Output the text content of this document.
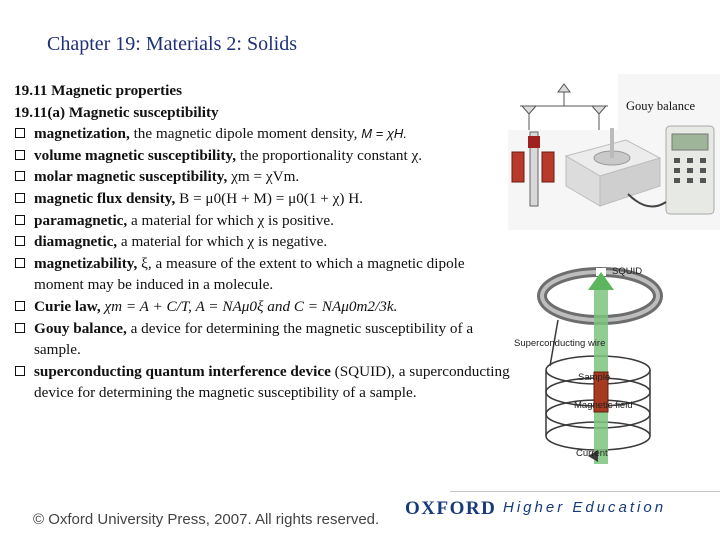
Chapter 19: Materials 2: Solids
19.11 Magnetic properties
19.11(a) Magnetic susceptibility
magnetization, the magnetic dipole moment density, M = χH.
volume magnetic susceptibility, the proportionality constant χ.
molar magnetic susceptibility, χm = χVm.
magnetic flux density, B = μ0(H + M) = μ0(1 + χ) H.
paramagnetic, a material for which χ is positive.
diamagnetic, a material for which χ is negative.
magnetizability, ξ, a measure of the extent to which a magnetic dipole moment may be induced in a molecule.
Curie law, χm = A + C/T, A = NAμ0ξ and C = NAμ0m2/3k.
Gouy balance, a device for determining the magnetic susceptibility of a sample.
superconducting quantum interference device (SQUID), a superconducting device for determining the magnetic susceptibility of a sample.
Gouy balance
SQUID
Superconducting wire
Sample
Magnetic field
Current
© Oxford University Press, 2007. All rights reserved.
OXFORD Higher Education
